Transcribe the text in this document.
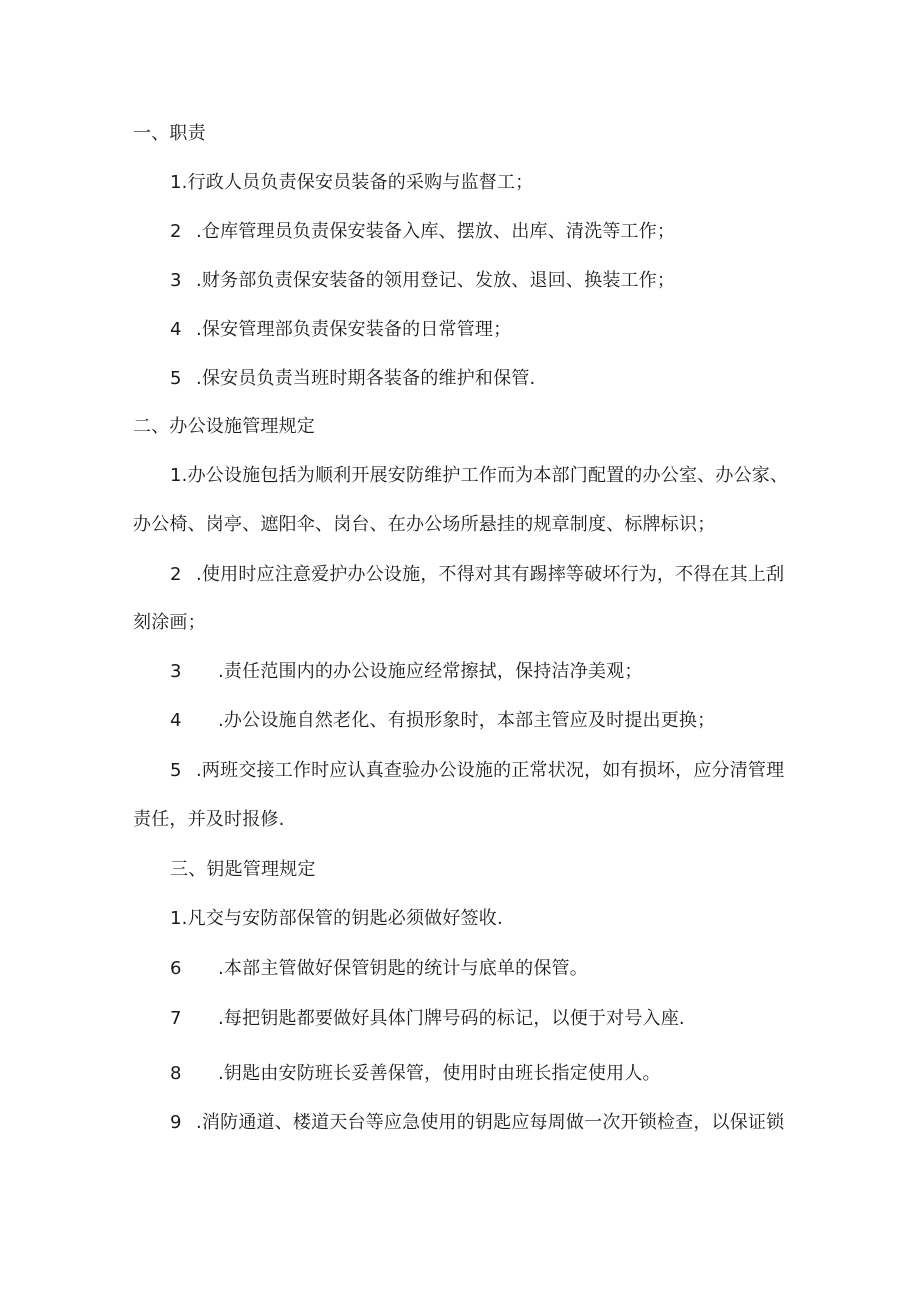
一、职责
1.行政人员负责保安员装备的采购与监督工；
2 .仓库管理员负责保安装备入库、摆放、出库、清洗等工作；
3 .财务部负责保安装备的领用登记、发放、退回、换装工作；
4 .保安管理部负责保安装备的日常管理；
5 .保安员负责当班时期各装备的维护和保管.
二、办公设施管理规定
1.办公设施包括为顺利开展安防维护工作而为本部门配置的办公室、办公家、
办公椅、岗亭、遮阳伞、岗台、在办公场所悬挂的规章制度、标牌标识；
2 .使用时应注意爱护办公设施，不得对其有踢摔等破坏行为，不得在其上刮
刻涂画；
3 .责任范围内的办公设施应经常擦拭，保持洁净美观；
4 .办公设施自然老化、有损形象时，本部主管应及时提出更换；
5 .两班交接工作时应认真查验办公设施的正常状况，如有损坏，应分清管理
责任，并及时报修.
三、钥匙管理规定
1.凡交与安防部保管的钥匙必须做好签收.
6 .本部主管做好保管钥匙的统计与底单的保管。
7 .每把钥匙都要做好具体门牌号码的标记，以便于对号入座.
8 .钥匙由安防班长妥善保管，使用时由班长指定使用人。
9 .消防通道、楼道天台等应急使用的钥匙应每周做一次开锁检查，以保证锁
